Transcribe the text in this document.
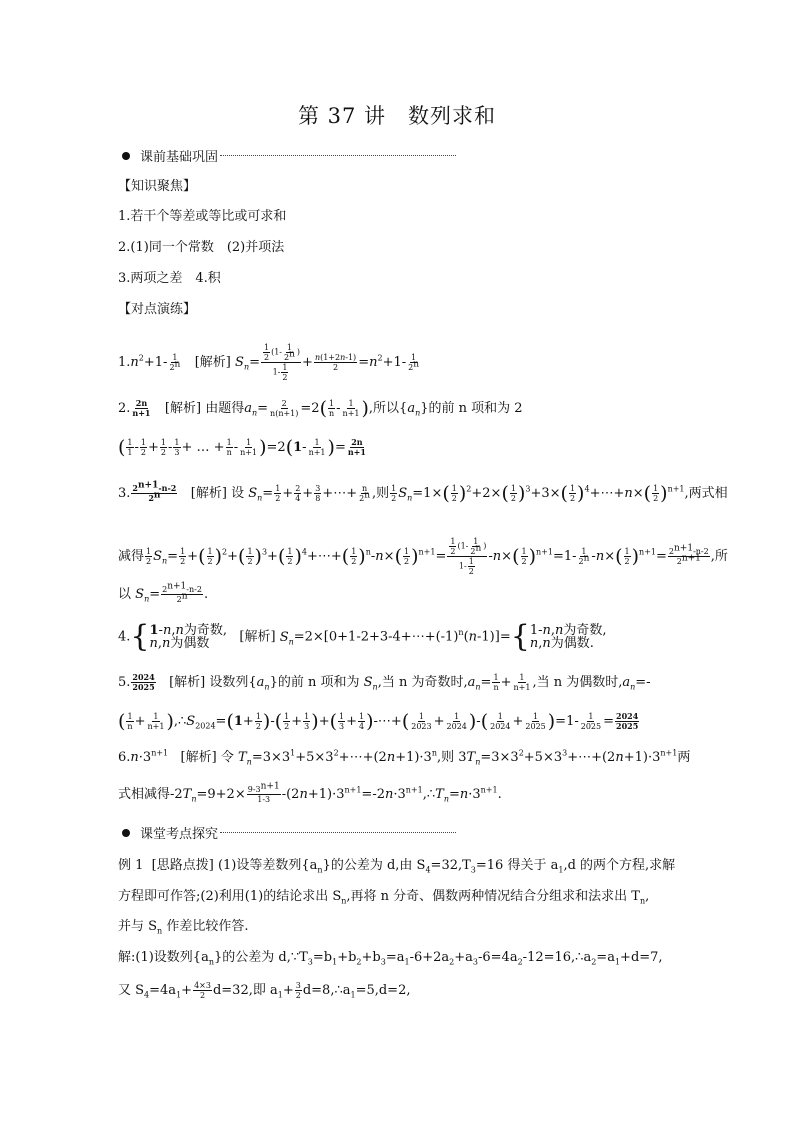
第 37 讲　数列求和
课前基础巩固
【知识聚焦】
1.若干个等差或等比或可求和
2.(1)同一个常数　(2)并项法
3.两项之差　4.积
【对点演练】
$1.n^2+1- \frac{1}{2^n}$ [解析] $S_n= \frac{\frac{1}{2} (1- \frac{1}{2^n} )}{1- \frac{1}{2}} + \frac{n(1+2n-1)}{2} =n^2+1- \frac{1}{2^n}$
2. $\frac{2n}{n+1}$ [解析] 由题得$a_n= \frac{2}{n(n+1)} =2( \frac{1}{n} - \frac{1}{n+1}$ ),所以$\{a_n\}$的前 n 项和为 2
( $\frac{1}{1} - \frac{1}{2} + \frac{1}{2} - \frac{1}{3}$ + … + $\frac{1}{n} - \frac{1}{n+1} )=2(1- \frac{1}{n+1}$ )= $\frac{2n}{n+1}$
3. $\frac{2^{n+1}-n-2}{2^n}$ [解析] 设 $S_n= \frac{1}{2} + \frac{2}{4} + \frac{3}{8}$ +⋯+ $\frac{n}{2^n}$ ,则 $\frac{1}{2} S_n=1\times( \frac{1}{2} )^2+2\times( \frac{1}{2} )^3+3\times( \frac{1}{2}$ )$^4+\cdots+n\times( \frac{1}{2} )^{n+1}$,两式相
减得 $\frac{1}{2} S_n= \frac{1}{2}$ +( $\frac{1}{2} )^2+( \frac{1}{2} )^3+( \frac{1}{2}$ )$^4+\cdots+( \frac{1}{2} )^n-n\times( \frac{1}{2} )^{n+1}= \frac{\frac{1}{2} (1- \frac{1}{2^n} )}{1- \frac{1}{2}} -n\times( \frac{1}{2} )^{n+1}=1- \frac{1}{2^n} -n\times( \frac{1}{2} )^{n+1}= \frac{2^{n+1}-n-2}{2^{n+1}}$ ,所
以 $S_n= \frac{2^{n+1}-n-2}{2^n}$ .
4.{ 1-n,n为奇数,
n,n为偶数	[解析] $S_n=2\times[0+1-2+3-4+\cdots+(-1)^n(n-1)]=${ 1-n,n为奇数,
n,n为偶数.
5. $\frac{2024}{2025}$ [解析] 设数列$\{a_n\}$的前 n 项和为 $S_n$,当 n 为奇数时$,a_n= \frac{1}{n} + \frac{1}{n+1}$ ,当 n 为偶数时$,a_n=-$
( $\frac{1}{n} + \frac{1}{n+1}$ )$,\therefore S_{2024}=(1+ \frac{1}{2}$ )-( $\frac{1}{2} + \frac{1}{3}$ )+( $\frac{1}{3} + \frac{1}{4}$ )-⋯+( $\frac{1}{2023} + \frac{1}{2024}$ )-( $\frac{1}{2024} + \frac{1}{2025} )=1- \frac{1}{2025} = \frac{2024}{2025}$
$6.n\cdot 3^{n+1}$ [解析] 令 $T_n=3\times 3^1+5\times 3^2+\cdots+(2n+1)\cdot 3^n$,则 $3T_n=3\times 3^2+5\times 3^3+\cdots+(2n+1)\cdot 3^{n+1}$两
式相减得$-2T_n=9+2\times \frac{9-3^{n+1}}{1-3}$ $-(2n+1)\cdot 3^{n+1}=-2n\cdot 3^{n+1},\therefore T_n=n\cdot 3^{n+1}$.
课堂考点探究
例 1 [思路点拨] (1)设等差数列$\{a_n\}$的公差为 d,由 $S_4=32,T_3=16$ 得关于 $a_1,d$ 的两个方程,求解
方程即可作答;(2)利用(1)的结论求出 $S_n$,再将 n 分奇、偶数两种情况结合分组求和法求出 $T_n$,
并与 $S_n$ 作差比较作答.
解:(1)设数列$\{a_n\}$的公差为 $d,\because T_3=b_1+b_2+b_3=a_1-6+2a_2+a_3-6=4a_2-12=16,\therefore a_2=a_1+d=7$,
又 $S_4=4a_1+ \frac{4\times 3}{2} d=32$,即 $a_1+ \frac{3}{2}$ $d=8,\therefore a_1=5,d=2$,
